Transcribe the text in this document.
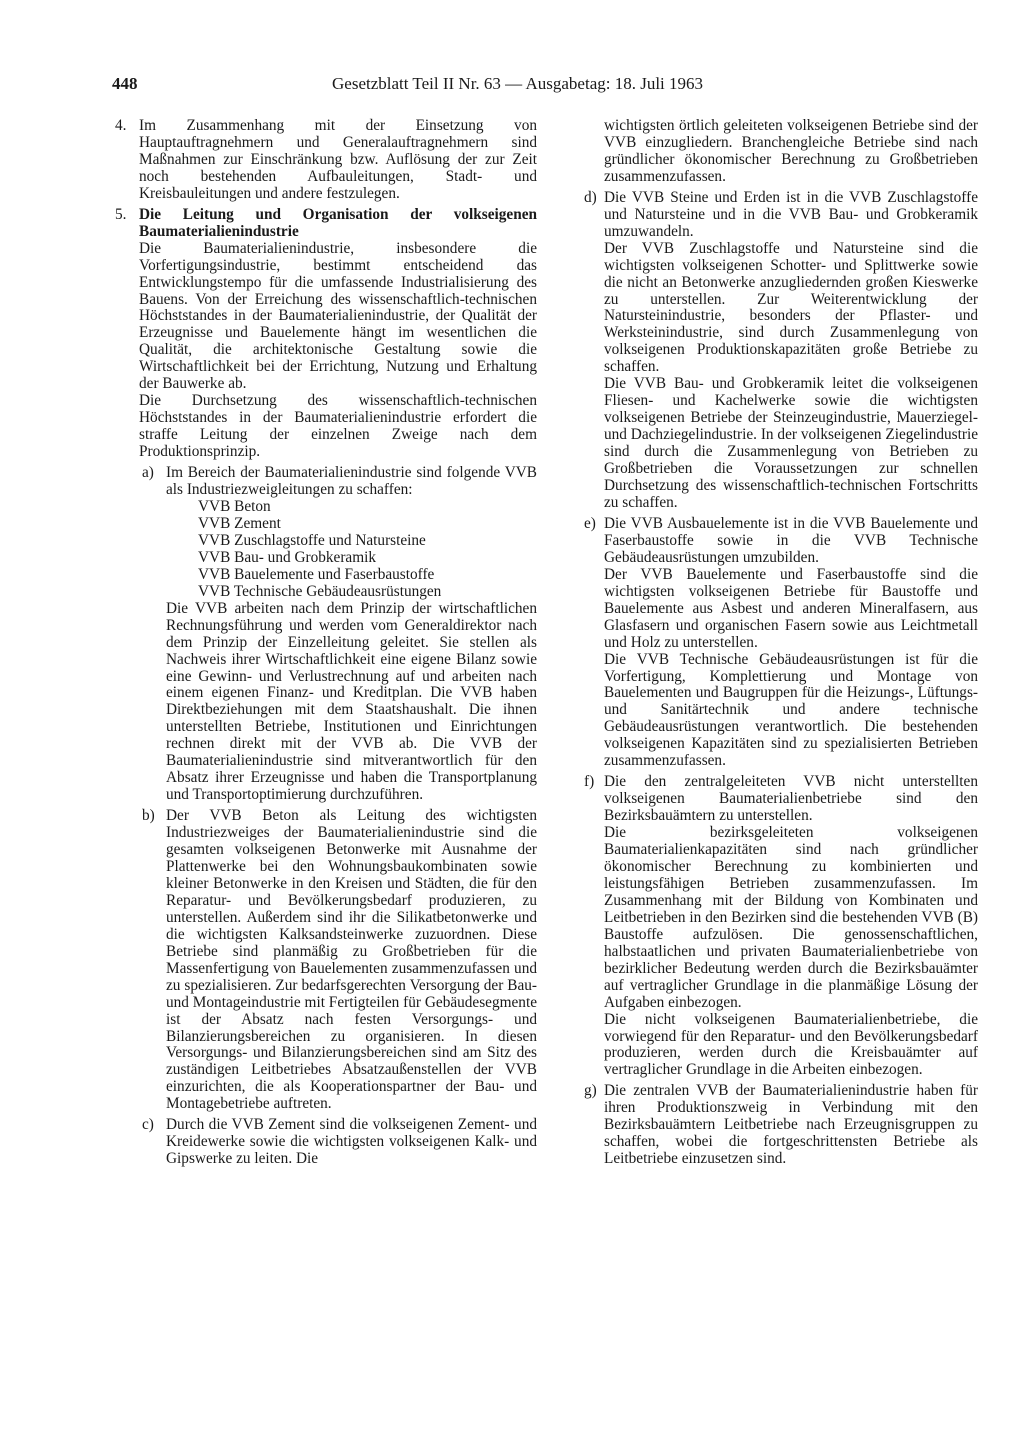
448	Gesetzblatt Teil II Nr. 63 — Ausgabetag: 18. Juli 1963
4. Im Zusammenhang mit der Einsetzung von Hauptauftragnehmern und Generalauftragnehmern sind Maßnahmen zur Einschränkung bzw. Auflösung der zur Zeit noch bestehenden Aufbauleitungen, Stadt- und Kreisbauleitungen und andere festzulegen.

5. Die Leitung und Organisation der volkseigenen Baumaterialienindustrie

Die Baumaterialienindustrie, insbesondere die Vorfertigungsindustrie, bestimmt entscheidend das Entwicklungstempo für die umfassende Industrialisierung des Bauens. Von der Erreichung des wissenschaftlich-technischen Höchststandes in der Baumaterialienindustrie, der Qualität der Erzeugnisse und Bauelemente hängt im wesentlichen die Qualität, die architektonische Gestaltung sowie die Wirtschaftlichkeit bei der Errichtung, Nutzung und Erhaltung der Bauwerke ab.

Die Durchsetzung des wissenschaftlich-technischen Höchststandes in der Baumaterialienindustrie erfordert die straffe Leitung der einzelnen Zweige nach dem Produktionsprinzip.

a) Im Bereich der Baumaterialienindustrie sind folgende VVB als Industriezweigleitungen zu schaffen:

VVB Beton
VVB Zement
VVB Zuschlagstoffe und Natursteine
VVB Bau- und Grobkeramik
VVB Bauelemente und Faserbaustoffe
VVB Technische Gebäudeausrüstungen

Die VVB arbeiten nach dem Prinzip der wirtschaftlichen Rechnungsführung und werden vom Generaldirektor nach dem Prinzip der Einzelleitung geleitet. Sie stellen als Nachweis ihrer Wirtschaftlichkeit eine eigene Bilanz sowie eine Gewinn- und Verlustrechnung auf und arbeiten nach einem eigenen Finanz- und Kreditplan. Die VVB haben Direktbeziehungen mit dem Staatshaushalt. Die ihnen unterstellten Betriebe, Institutionen und Einrichtungen rechnen direkt mit der VVB ab. Die VVB der Baumaterialienindustrie sind mitverantwortlich für den Absatz ihrer Erzeugnisse und haben die Transportplanung und Transportoptimierung durchzuführen.

b) Der VVB Beton als Leitung des wichtigsten Industriezweiges der Baumaterialienindustrie sind die gesamten volkseigenen Betonwerke mit Ausnahme der Plattenwerke bei den Wohnungsbaukombinaten sowie kleiner Betonwerke in den Kreisen und Städten, die für den Reparatur- und Bevölkerungsbedarf produzieren, zu unterstellen. Außerdem sind ihr die Silikatbetonwerke und die wichtigsten Kalksandsteinwerke zuzuordnen. Diese Betriebe sind planmäßig zu Großbetrieben für die Massenfertigung von Bauelementen zusammenzufassen und zu spezialisieren. Zur bedarfsgerechten Versorgung der Bau- und Montageindustrie mit Fertigteilen für Gebäudesegmente ist der Absatz nach festen Versorgungs- und Bilanzierungsbereichen zu organisieren. In diesen Versorgungs- und Bilanzierungsbereichen sind am Sitz des zuständigen Leitbetriebes Absatzaußenstellen der VVB einzurichten, die als Kooperationspartner der Bau- und Montagebetriebe auftreten.

c) Durch die VVB Zement sind die volkseigenen Zement- und Kreidewerke sowie die wichtigsten volkseigenen Kalk- und Gipswerke zu leiten. Die

wichtigsten örtlich geleiteten volkseigenen Betriebe sind der VVB einzugliedern. Branchengleiche Betriebe sind nach gründlicher ökonomischer Berechnung zu Großbetrieben zusammenzufassen.

d) Die VVB Steine und Erden ist in die VVB Zuschlagstoffe und Natursteine und in die VVB Bau- und Grobkeramik umzuwandeln.

Der VVB Zuschlagstoffe und Natursteine sind die wichtigsten volkseigenen Schotter- und Splittwerke sowie die nicht an Betonwerke anzugliedernden großen Kieswerke zu unterstellen. Zur Weiterentwicklung der Natursteinindustrie, besonders der Pflaster- und Werksteinindustrie, sind durch Zusammenlegung von volkseigenen Produktionskapazitäten große Betriebe zu schaffen.

Die VVB Bau- und Grobkeramik leitet die volkseigenen Fliesen- und Kachelwerke sowie die wichtigsten volkseigenen Betriebe der Steinzeugindustrie, Mauerziegel- und Dachziegelindustrie. In der volkseigenen Ziegelindustrie sind durch die Zusammenlegung von Betrieben zu Großbetrieben die Voraussetzungen zur schnellen Durchsetzung des wissenschaftlich-technischen Fortschritts zu schaffen.

e) Die VVB Ausbauelemente ist in die VVB Bauelemente und Faserbaustoffe sowie in die VVB Technische Gebäudeausrüstungen umzubilden.

Der VVB Bauelemente und Faserbaustoffe sind die wichtigsten volkseigenen Betriebe für Baustoffe und Bauelemente aus Asbest und anderen Mineralfasern, aus Glasfasern und organischen Fasern sowie aus Leichtmetall und Holz zu unterstellen.

Die VVB Technische Gebäudeausrüstungen ist für die Vorfertigung, Komplettierung und Montage von Bauelementen und Baugruppen für die Heizungs-, Lüftungs- und Sanitärtechnik und andere technische Gebäudeausrüstungen verantwortlich. Die bestehenden volkseigenen Kapazitäten sind zu spezialisierten Betrieben zusammenzufassen.

f) Die den zentralgeleiteten VVB nicht unterstellten volkseigenen Baumaterialienbetriebe sind den Bezirksbauämtern zu unterstellen.

Die bezirksgeleiteten volkseigenen Baumaterialienkapazitäten sind nach gründlicher ökonomischer Berechnung zu kombinierten und leistungsfähigen Betrieben zusammenzufassen. Im Zusammenhang mit der Bildung von Kombinaten und Leitbetrieben in den Bezirken sind die bestehenden VVB (B) Baustoffe aufzulösen. Die genossenschaftlichen, halbstaatlichen und privaten Baumaterialienbetriebe von bezirklicher Bedeutung werden durch die Bezirksbauämter auf vertraglicher Grundlage in die planmäßige Lösung der Aufgaben einbezogen.

Die nicht volkseigenen Baumaterialienbetriebe, die vorwiegend für den Reparatur- und den Bevölkerungsbedarf produzieren, werden durch die Kreisbauämter auf vertraglicher Grundlage in die Arbeiten einbezogen.

g) Die zentralen VVB der Baumaterialienindustrie haben für ihren Produktionszweig in Verbindung mit den Bezirksbauämtern Leitbetriebe nach Erzeugnisgruppen zu schaffen, wobei die fortgeschrittensten Betriebe als Leitbetriebe einzusetzen sind.
